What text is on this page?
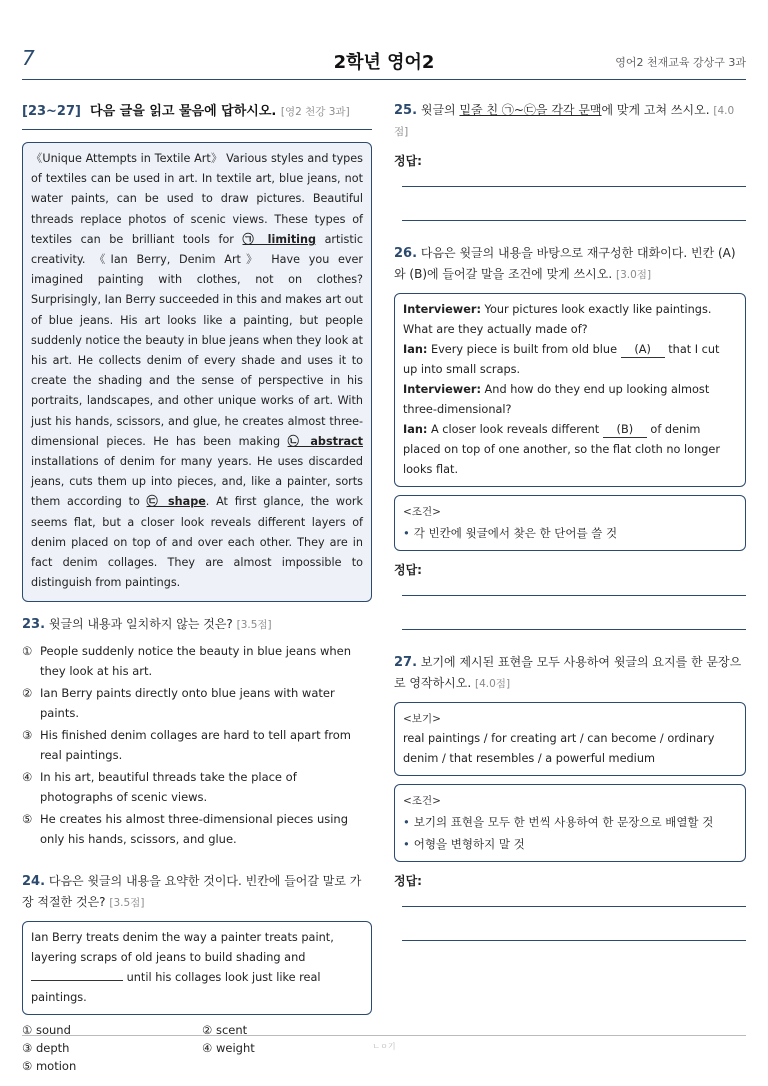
7	2학년 영어2	영어2 천재교육 강상구 3과
[23~27] 다음 글을 읽고 물음에 답하시오. [영2 천강 3과]
《Unique Attempts in Textile Art》 Various styles and types of textiles can be used in art. In textile art, blue jeans, not water paints, can be used to draw pictures. Beautiful threads replace photos of scenic views. These types of textiles can be brilliant tools for ㉠ limiting artistic creativity. 《Ian Berry, Denim Art》 Have you ever imagined painting with clothes, not on clothes? Surprisingly, Ian Berry succeeded in this and makes art out of blue jeans. His art looks like a painting, but people suddenly notice the beauty in blue jeans when they look at his art. He collects denim of every shade and uses it to create the shading and the sense of perspective in his portraits, landscapes, and other unique works of art. With just his hands, scissors, and glue, he creates almost three-dimensional pieces. He has been making ㉡ abstract installations of denim for many years. He uses discarded jeans, cuts them up into pieces, and, like a painter, sorts them according to ㉢ shape. At first glance, the work seems flat, but a closer look reveals different layers of denim placed on top of and over each other. They are in fact denim collages. They are almost impossible to distinguish from paintings.
23. 윗글의 내용과 일치하지 않는 것은? [3.5점]
① People suddenly notice the beauty in blue jeans when they look at his art.
② Ian Berry paints directly onto blue jeans with water paints.
③ His finished denim collages are hard to tell apart from real paintings.
④ In his art, beautiful threads take the place of photographs of scenic views.
⑤ He creates his almost three-dimensional pieces using only his hands, scissors, and glue.
24. 다음은 윗글의 내용을 요약한 것이다. 빈칸에 들어갈 말로 가장 적절한 것은? [3.5점]
Ian Berry treats denim the way a painter treats paint, layering scraps of old jeans to build shading and  until his collages look just like real paintings.
① sound	② scent
③ depth	④ weight
⑤ motion
25. 윗글의 밑줄 친 ㉠~㉢을 각각 문맥에 맞게 고쳐 쓰시오. [4.0점]
정답:
26. 다음은 윗글의 내용을 바탕으로 재구성한 대화이다. 빈칸 (A)와 (B)에 들어갈 말을 조건에 맞게 쓰시오. [3.0점]
Interviewer: Your pictures look exactly like paintings. What are they actually made of?
Ian: Every piece is built from old blue (A) that I cut up into small scraps.
Interviewer: And how do they end up looking almost three-dimensional?
Ian: A closer look reveals different (B) of denim placed on top of one another, so the flat cloth no longer looks flat.
<조건>
• 각 빈칸에 윗글에서 찾은 한 단어를 쓸 것
정답:
27. 보기에 제시된 표현을 모두 사용하여 윗글의 요지를 한 문장으로 영작하시오. [4.0점]
<보기>
real paintings / for creating art / can become / ordinary denim / that resembles / a powerful medium
<조건>
• 보기의 표현을 모두 한 번씩 사용하여 한 문장으로 배열할 것
• 어형을 변형하지 말 것
정답:
ㄴㅇ기
